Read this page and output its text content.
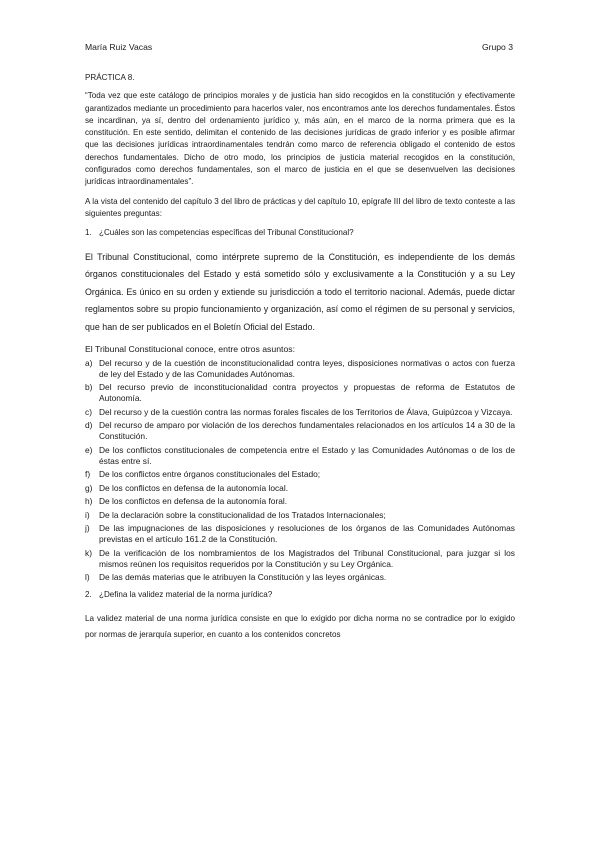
María Ruiz Vacas	Grupo 3

PRÁCTICA 8.

“Toda vez que este catálogo de principios morales y de justicia han sido recogidos en la constitución y efectivamente garantizados mediante un procedimiento para hacerlos valer, nos encontramos ante los derechos fundamentales. Éstos se incardinan, ya sí, dentro del ordenamiento jurídico y, más aún, en el marco de la norma primera que es la constitución. En este sentido, delimitan el contenido de las decisiones jurídicas de grado inferior y es posible afirmar que las decisiones jurídicas intraordinamentales tendrán como marco de referencia obligado el contenido de estos derechos fundamentales. Dicho de otro modo, los principios de justicia material recogidos en la constitución, configurados como derechos fundamentales, son el marco de justicia en el que se desenvuelven las decisiones jurídicas intraordinamentales”.

A la vista del contenido del capítulo 3 del libro de prácticas y del capítulo 10, epígrafe III del libro de texto conteste a las siguientes preguntas:

1. ¿Cuáles son las competencias específicas del Tribunal Constitucional?

El Tribunal Constitucional, como intérprete supremo de la Constitución, es independiente de los demás órganos constitucionales del Estado y está sometido sólo y exclusivamente a la Constitución y a su Ley Orgánica. Es único en su orden y extiende su jurisdicción a todo el territorio nacional. Además, puede dictar reglamentos sobre su propio funcionamiento y organización, así como el régimen de su personal y servicios, que han de ser publicados en el Boletín Oficial del Estado.

El Tribunal Constitucional conoce, entre otros asuntos:

a) Del recurso y de la cuestión de inconstitucionalidad contra leyes, disposiciones normativas o actos con fuerza de ley del Estado y de las Comunidades Autónomas.
b) Del recurso previo de inconstitucionalidad contra proyectos y propuestas de reforma de Estatutos de Autonomía.
c) Del recurso y de la cuestión contra las normas forales fiscales de los Territorios de Álava, Guipúzcoa y Vizcaya.
d) Del recurso de amparo por violación de los derechos fundamentales relacionados en los artículos 14 a 30 de la Constitución.
e) De los conflictos constitucionales de competencia entre el Estado y las Comunidades Autónomas o de los de éstas entre sí.
f)	De los conflictos entre órganos constitucionales del Estado;
g) De los conflictos en defensa de la autonomía local.
h) De los conflictos en defensa de la autonomía foral.
i)	De la declaración sobre la constitucionalidad de los Tratados Internacionales;
j)	De las impugnaciones de las disposiciones y resoluciones de los órganos de las Comunidades Autónomas previstas en el artículo 161.2 de la Constitución.
k) De la verificación de los nombramientos de los Magistrados del Tribunal Constitucional, para juzgar si los mismos reúnen los requisitos requeridos por la Constitución y su Ley Orgánica.
l)	De las demás materias que le atribuyen la Constitución y las leyes orgánicas.
2. ¿Defina la validez material de la norma jurídica?

La validez material de una norma jurídica consiste en que lo exigido por dicha norma no se contradice por lo exigido por normas de jerarquía superior, en cuanto a los contenidos concretos
